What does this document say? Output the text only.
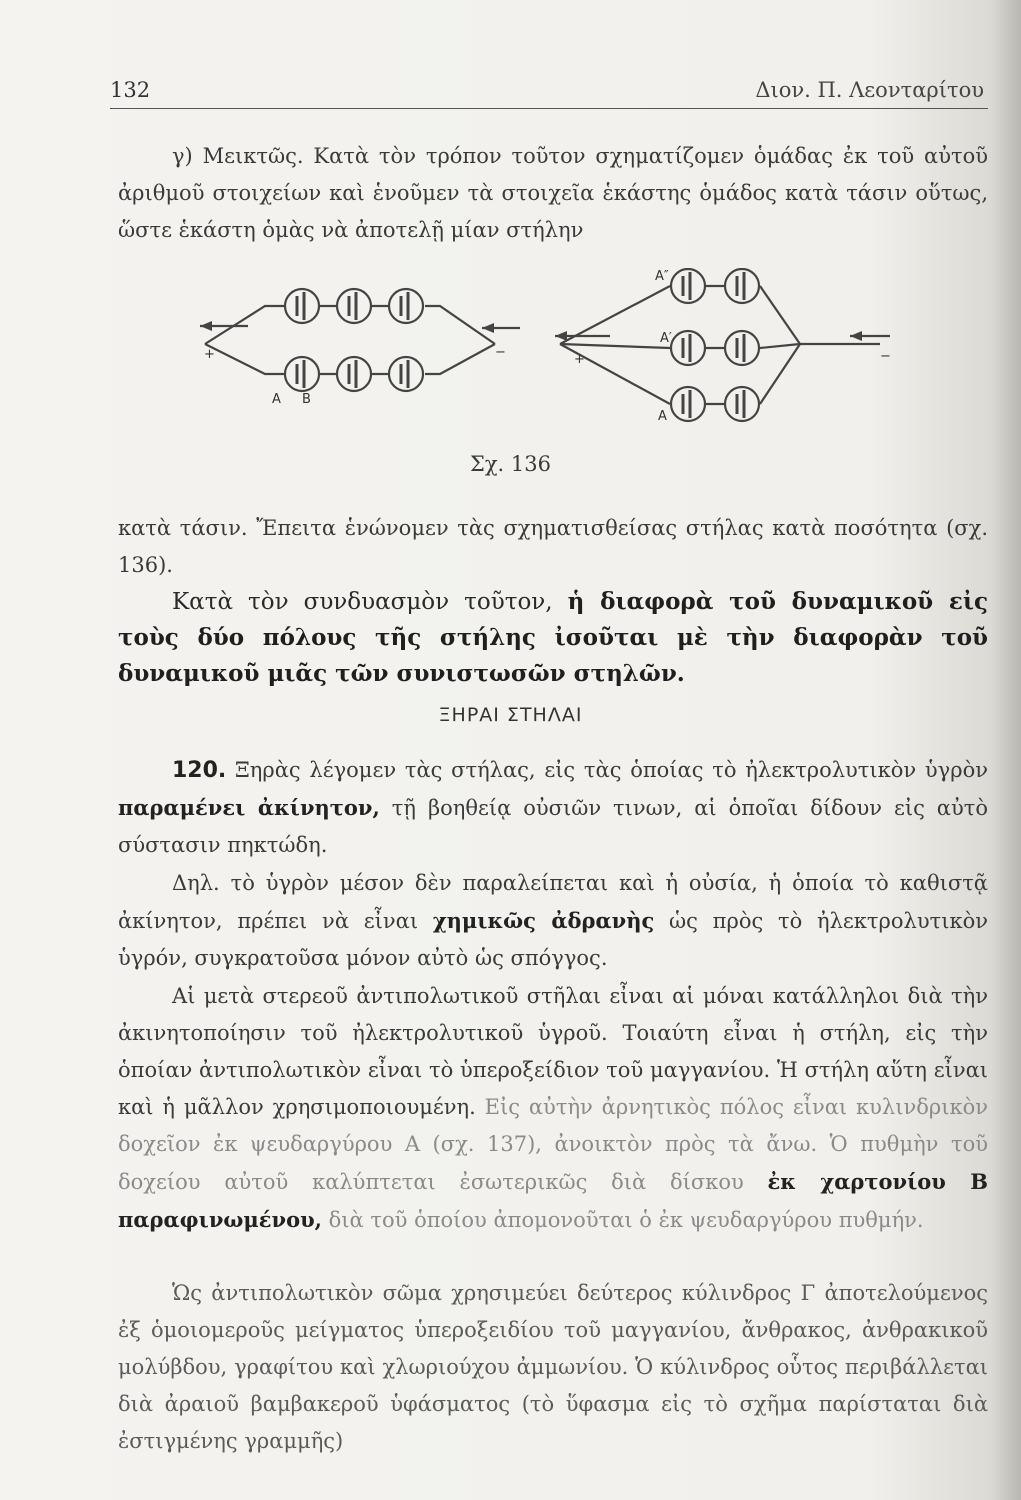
132	Διον. Π. Λεονταρίτου
γ) Μεικτῶς. Κατὰ τὸν τρόπον τοῦτον σχηματίζομεν ὁμάδας ἐκ τοῦ αὐτοῦ ἀριθμοῦ στοιχείων καὶ ἑνοῦμεν τὰ στοιχεῖα ἑκάστης ὁμάδος κατὰ τάσιν οὕτως, ὥστε ἑκάστη ὁμὰς νὰ ἀποτελῇ μίαν στήλην
+	−
A B
+	−
A″
A′
A
Σχ. 136
κατὰ τάσιν. Ἔπειτα ἑνώνομεν τὰς σχηματισθείσας στήλας κατὰ ποσότητα (σχ. 136).
Κατὰ τὸν συνδυασμὸν τοῦτον, ἡ διαφορὰ τοῦ δυναμικοῦ εἰς τοὺς δύο πόλους τῆς στήλης ἰσοῦται μὲ τὴν διαφορὰν τοῦ δυναμικοῦ μιᾶς τῶν συνιστωσῶν στηλῶν.
ΞΗΡΑΙ ΣΤΗΛΑΙ
120. Ξηρὰς λέγομεν τὰς στήλας, εἰς τὰς ὁποίας τὸ ἠλεκτρολυτικὸν ὑγρὸν παραμένει ἀκίνητον, τῇ βοηθείᾳ οὐσιῶν τινων, αἱ ὁποῖαι δίδουν εἰς αὐτὸ σύστασιν πηκτώδη.
Δηλ. τὸ ὑγρὸν μέσον δὲν παραλείπεται καὶ ἡ οὐσία, ἡ ὁποία τὸ καθιστᾷ ἀκίνητον, πρέπει νὰ εἶναι χημικῶς ἀδρανὴς ὡς πρὸς τὸ ἠλεκτρολυτικὸν ὑγρόν, συγκρατοῦσα μόνον αὐτὸ ὡς σπόγγος.
Αἱ μετὰ στερεοῦ ἀντιπολωτικοῦ στῆλαι εἶναι αἱ μόναι κατάλληλοι διὰ τὴν ἀκινητοποίησιν τοῦ ἠλεκτρολυτικοῦ ὑγροῦ. Τοιαύτη εἶναι ἡ στήλη, εἰς τὴν ὁποίαν ἀντιπολωτικὸν εἶναι τὸ ὑπεροξείδιον τοῦ μαγγανίου. Ἡ στήλη αὕτη εἶναι καὶ ἡ μᾶλλον χρησιμοποιουμένη. Εἰς αὐτὴν ἀρνητικὸς πόλος εἶναι κυλινδρικὸν δοχεῖον ἐκ ψευδαργύρου Α (σχ. 137), ἀνοικτὸν πρὸς τὰ ἄνω. Ὁ πυθμὴν τοῦ δοχείου αὐτοῦ καλύπτεται ἐσωτερικῶς διὰ δίσκου ἐκ χαρτονίου Β παραφινωμένου, διὰ τοῦ ὁποίου ἀπομονοῦται ὁ ἐκ ψευδαργύρου πυθμήν.
Ὡς ἀντιπολωτικὸν σῶμα χρησιμεύει δεύτερος κύλινδρος Γ ἀποτελούμενος ἐξ ὁμοιομεροῦς μείγματος ὑπεροξειδίου τοῦ μαγγανίου, ἄνθρακος, ἀνθρακικοῦ μολύβδου, γραφίτου καὶ χλωριούχου ἀμμωνίου. Ὁ κύλινδρος οὗτος περιβάλλεται διὰ ἀραιοῦ βαμβακεροῦ ὑφάσματος (τὸ ὕφασμα εἰς τὸ σχῆμα παρίσταται διὰ ἐστιγμένης γραμμῆς)
